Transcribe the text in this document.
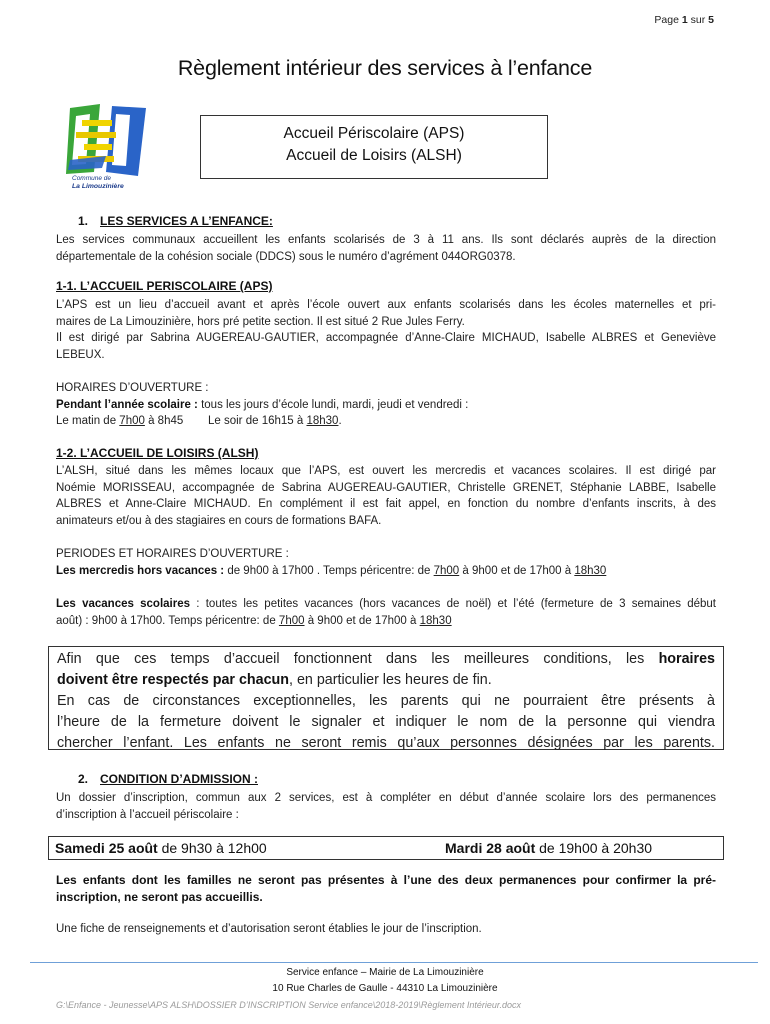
Page 1 sur 5
Règlement intérieur des services à l’enfance
Commune de
La Limouzinière
Accueil Périscolaire (APS)
Accueil de Loisirs (ALSH)
1. LES SERVICES A L’ENFANCE:
Les services communaux accueillent les enfants scolarisés de 3 à 11 ans. Ils sont déclarés auprès de la direction
départementale de la cohésion sociale (DDCS) sous le numéro d’agrément 044ORG0378.
1-1. L’ACCUEIL PERISCOLAIRE (APS)
L’APS est un lieu d’accueil avant et après l’école ouvert aux enfants scolarisés dans les écoles maternelles et pri-
maires de La Limouzinière, hors pré petite section. Il est situé 2 Rue Jules Ferry.
Il est dirigé par Sabrina AUGEREAU-GAUTIER, accompagnée d’Anne-Claire MICHAUD, Isabelle ALBRES et Geneviève
LEBEUX.
HORAIRES D’OUVERTURE :
Pendant l’année scolaire : tous les jours d’école lundi, mardi, jeudi et vendredi :
Le matin de 7h00 à 8h45 Le soir de 16h15 à 18h30.
1-2. L’ACCUEIL DE LOISIRS (ALSH)
L’ALSH, situé dans les mêmes locaux que l’APS, est ouvert les mercredis et vacances scolaires. Il est dirigé par
Noémie MORISSEAU, accompagnée de Sabrina AUGEREAU-GAUTIER, Christelle GRENET, Stéphanie LABBE, Isabelle
ALBRES et Anne-Claire MICHAUD. En complément il est fait appel, en fonction du nombre d’enfants inscrits, à des
animateurs et/ou à des stagiaires en cours de formations BAFA.
PERIODES ET HORAIRES D’OUVERTURE :
Les mercredis hors vacances : de 9h00 à 17h00 . Temps péricentre: de 7h00 à 9h00 et de 17h00 à 18h30
Les vacances scolaires : toutes les petites vacances (hors vacances de noël) et l’été (fermeture de 3 semaines début
août) : 9h00 à 17h00. Temps péricentre: de 7h00 à 9h00 et de 17h00 à 18h30
Afin que ces temps d’accueil fonctionnent dans les meilleures conditions, les horaires
doivent être respectés par chacun, en particulier les heures de fin.
En cas de circonstances exceptionnelles, les parents qui ne pourraient être présents à
l’heure de la fermeture doivent le signaler et indiquer le nom de la personne qui viendra
chercher l’enfant. Les enfants ne seront remis qu’aux personnes désignées par les parents.
2. CONDITION D’ADMISSION :
Un dossier d’inscription, commun aux 2 services, est à compléter en début d’année scolaire lors des permanences
d’inscription à l’accueil périscolaire :
Samedi 25 août de 9h30 à 12h00	Mardi 28 août de 19h00 à 20h30
Les enfants dont les familles ne seront pas présentes à l’une des deux permanences pour confirmer la pré-
inscription, ne seront pas accueillis.
Une fiche de renseignements et d’autorisation seront établies le jour de l’inscription.
Service enfance – Mairie de La Limouzinière
10 Rue Charles de Gaulle - 44310 La Limouzinière
G:\Enfance - Jeunesse\APS ALSH\DOSSIER D’INSCRIPTION Service enfance\2018-2019\Règlement Intérieur.docx
